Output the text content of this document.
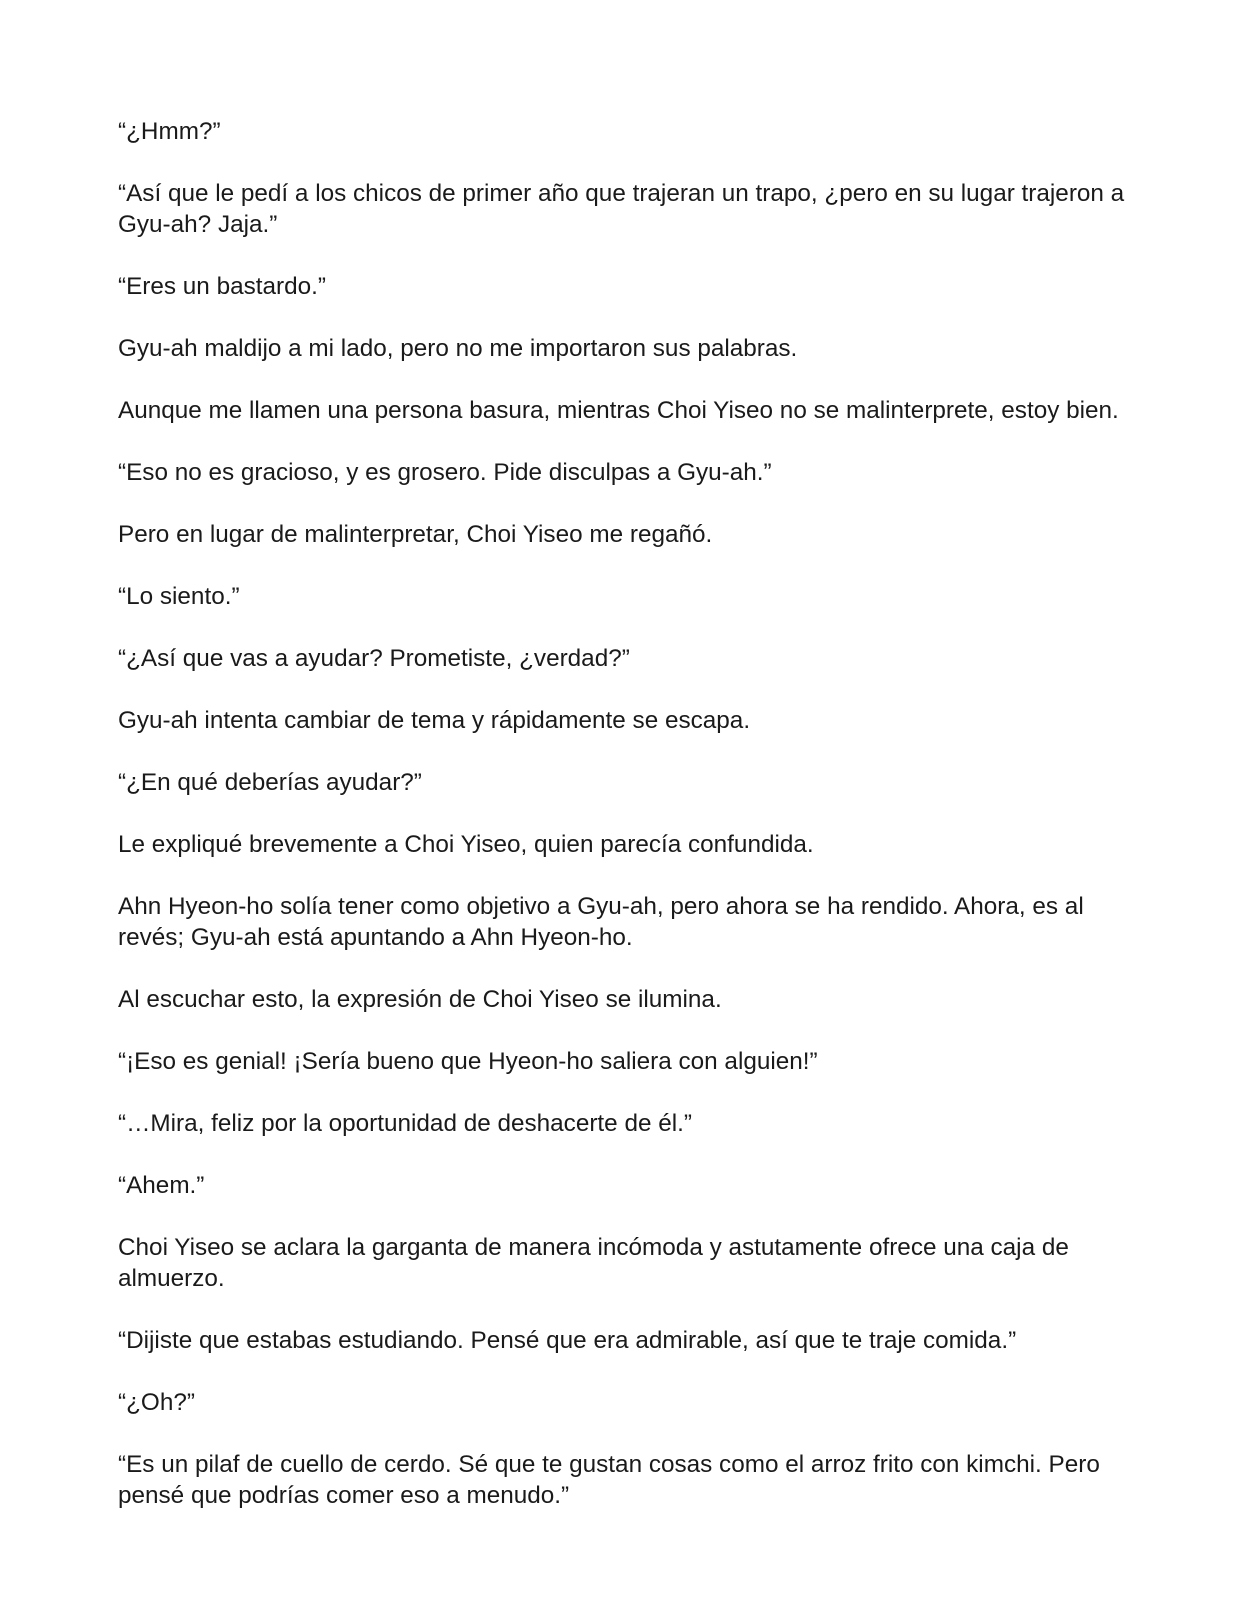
“¿Hmm?”

“Así que le pedí a los chicos de primer año que trajeran un trapo, ¿pero en su lugar trajeron a Gyu-ah? Jaja.”

“Eres un bastardo.”

Gyu-ah maldijo a mi lado, pero no me importaron sus palabras.

Aunque me llamen una persona basura, mientras Choi Yiseo no se malinterprete, estoy bien.

“Eso no es gracioso, y es grosero. Pide disculpas a Gyu-ah.”

Pero en lugar de malinterpretar, Choi Yiseo me regañó.

“Lo siento.”

“¿Así que vas a ayudar? Prometiste, ¿verdad?”

Gyu-ah intenta cambiar de tema y rápidamente se escapa.

“¿En qué deberías ayudar?”

Le expliqué brevemente a Choi Yiseo, quien parecía confundida.

Ahn Hyeon-ho solía tener como objetivo a Gyu-ah, pero ahora se ha rendido. Ahora, es al revés; Gyu-ah está apuntando a Ahn Hyeon-ho.

Al escuchar esto, la expresión de Choi Yiseo se ilumina.

“¡Eso es genial! ¡Sería bueno que Hyeon-ho saliera con alguien!”

“…Mira, feliz por la oportunidad de deshacerte de él.”

“Ahem.”

Choi Yiseo se aclara la garganta de manera incómoda y astutamente ofrece una caja de almuerzo.

“Dijiste que estabas estudiando. Pensé que era admirable, así que te traje comida.”

“¿Oh?”

“Es un pilaf de cuello de cerdo. Sé que te gustan cosas como el arroz frito con kimchi. Pero pensé que podrías comer eso a menudo.”
